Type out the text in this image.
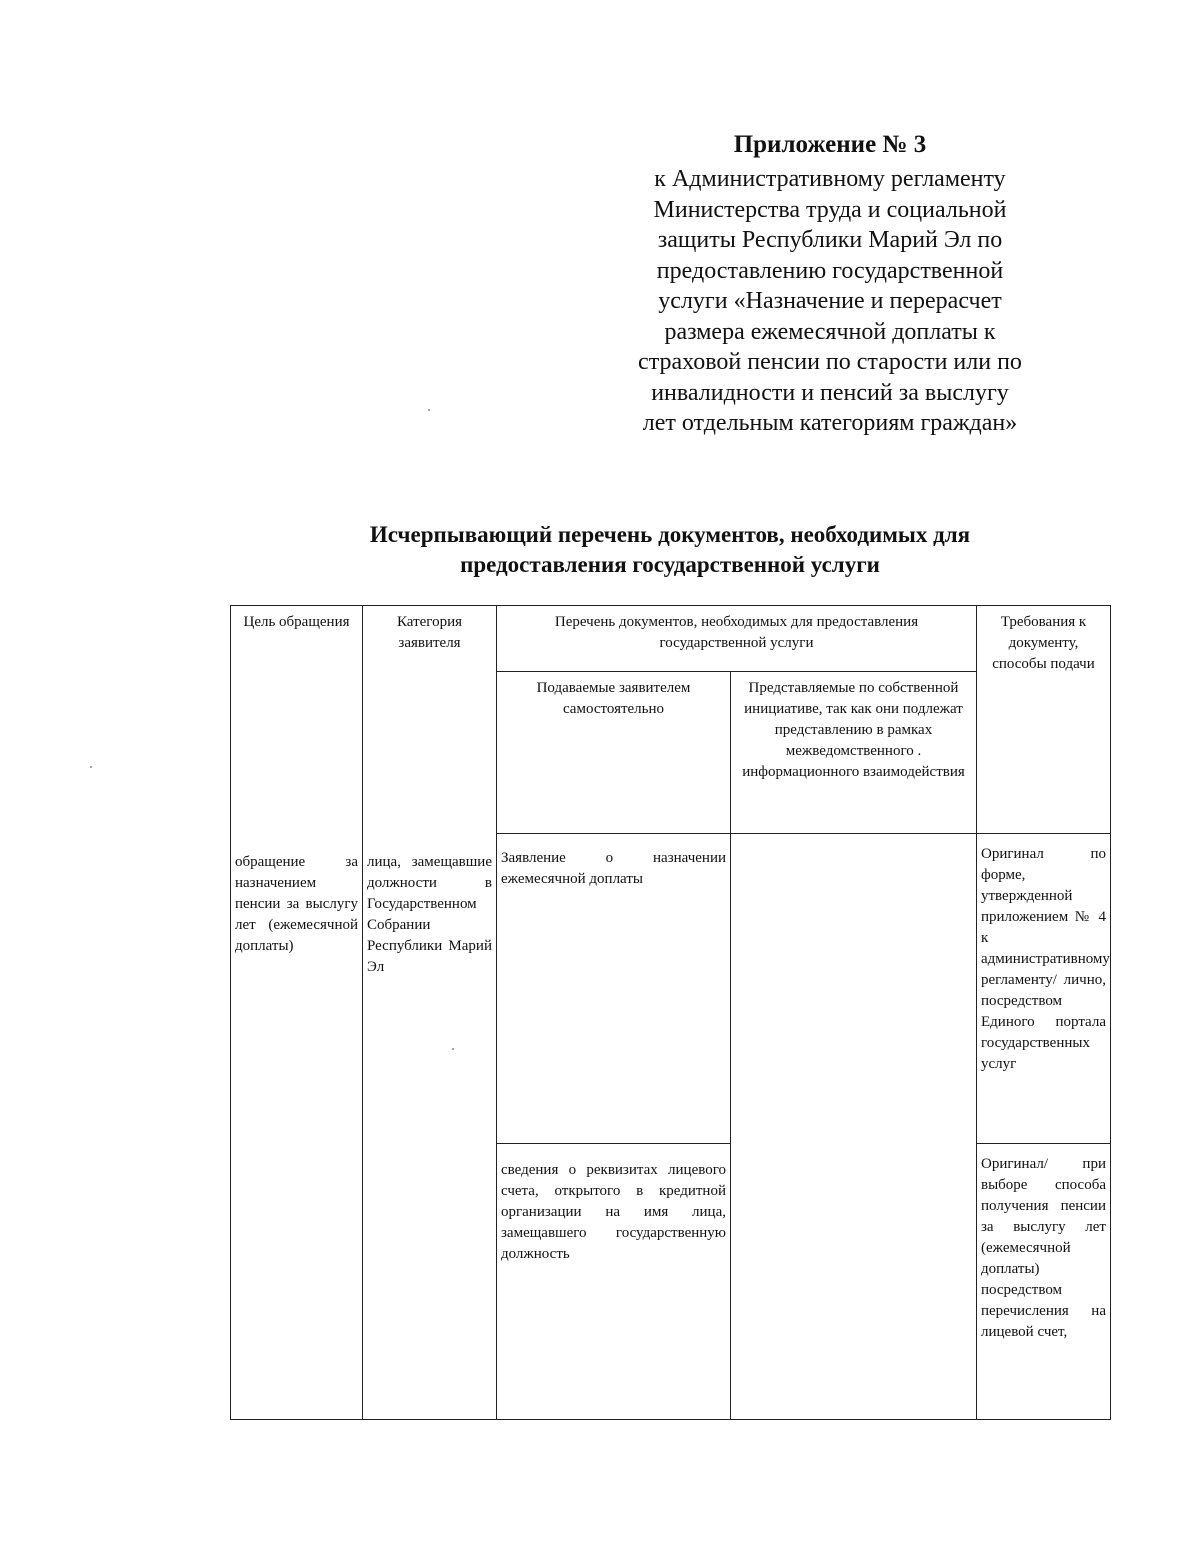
Приложение № 3
к Административному регламенту
Министерства труда и социальной
защиты Республики Марий Эл по
предоставлению государственной
услуги «Назначение и перерасчет
размера ежемесячной доплаты к
страховой пенсии по старости или по
инвалидности и пенсий за выслугу
лет отдельным категориям граждан»
Исчерпывающий перечень документов, необходимых для
предоставления государственной услуги
Цель обращения	Категория заявителя	Перечень документов, необходимых для предоставления государственной услуги		Требования к документу, способы подачи
		Подаваемые заявителем самостоятельно	Представляемые по собственной инициативе, так как они подлежат представлению в рамках межведомственного . информационного взаимодействия	
обращение за назначением пенсии за выслугу лет (ежемесячной доплаты)	лица, замещавшие должности в Государственном Собрании Республики Марий Эл	Заявление о назначении ежемесячной доплаты		Оригинал по форме, утвержденной приложением № 4 к административному регламенту/ лично, посредством Единого портала государственных услуг
		сведения о реквизитах лицевого счета, открытого в кредитной организации на имя лица, замещавшего государственную должность		Оригинал/ при выборе способа получения пенсии за выслугу лет (ежемесячной доплаты) посредством перечисления на лицевой счет,
